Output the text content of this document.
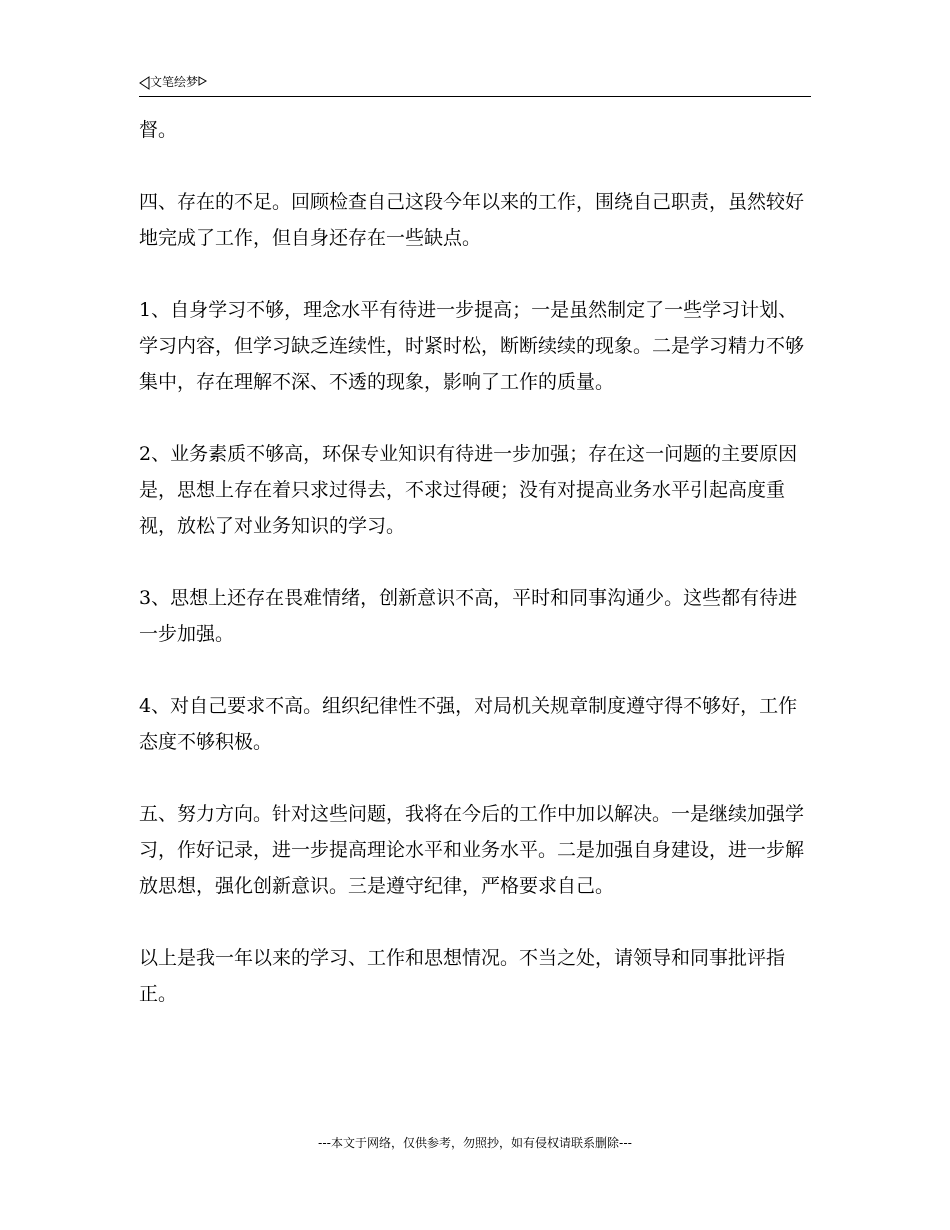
文笔绘梦

督。

四、存在的不足。回顾检查自己这段今年以来的工作，围绕自己职责，虽然较好地完成了工作，但自身还存在一些缺点。

1、自身学习不够，理念水平有待进一步提高；一是虽然制定了一些学习计划、学习内容，但学习缺乏连续性，时紧时松，断断续续的现象。二是学习精力不够集中，存在理解不深、不透的现象，影响了工作的质量。

2、业务素质不够高，环保专业知识有待进一步加强；存在这一问题的主要原因是，思想上存在着只求过得去，不求过得硬；没有对提高业务水平引起高度重视，放松了对业务知识的学习。

3、思想上还存在畏难情绪，创新意识不高，平时和同事沟通少。这些都有待进一步加强。

4、对自己要求不高。组织纪律性不强，对局机关规章制度遵守得不够好，工作态度不够积极。

五、努力方向。针对这些问题，我将在今后的工作中加以解决。一是继续加强学习，作好记录，进一步提高理论水平和业务水平。二是加强自身建设，进一步解放思想，强化创新意识。三是遵守纪律，严格要求自己。

以上是我一年以来的学习、工作和思想情况。不当之处，请领导和同事批评指正。

---本文于网络，仅供参考，勿照抄，如有侵权请联系删除---
